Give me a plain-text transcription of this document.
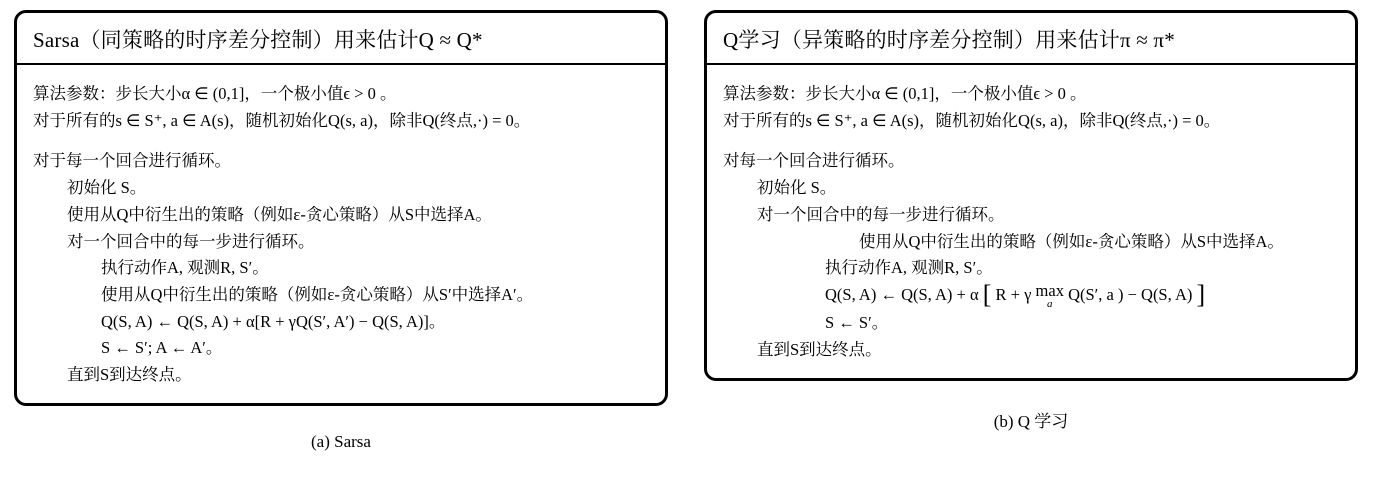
Sarsa（同策略的时序差分控制）用来估计Q ≈ Q*
算法参数：步长大小α ∈ (0,1]，一个极小值ϵ > 0 。
对于所有的s ∈ S⁺, a ∈ A(s)，随机初始化Q(s, a)，除非Q(终点,·) = 0。
对于每一个回合进行循环。
初始化 S。
使用从Q中衍生出的策略（例如ε-贪心策略）从S中选择A。
对一个回合中的每一步进行循环。
执行动作A, 观测R, S′。
使用从Q中衍生出的策略（例如ε-贪心策略）从S′中选择A′。
Q(S, A) ← Q(S, A) + α[R + γQ(S′, A′) − Q(S, A)]。
S ← S′; A ← A′。
直到S到达终点。
(a) Sarsa
Q学习（异策略的时序差分控制）用来估计π ≈ π*
算法参数：步长大小α ∈ (0,1]，一个极小值ϵ > 0 。
对于所有的s ∈ S⁺, a ∈ A(s)，随机初始化Q(s, a)，除非Q(终点,·) = 0。
对每一个回合进行循环。
初始化 S。
对一个回合中的每一步进行循环。
使用从Q中衍生出的策略（例如ε-贪心策略）从S中选择A。
执行动作A, 观测R, S′。
Q(S, A) ← Q(S, A) + α [ R + γ max
a
Q(S′, a ) − Q(S, A) ]
S ← S′。
直到S到达终点。
(b) Q 学习
